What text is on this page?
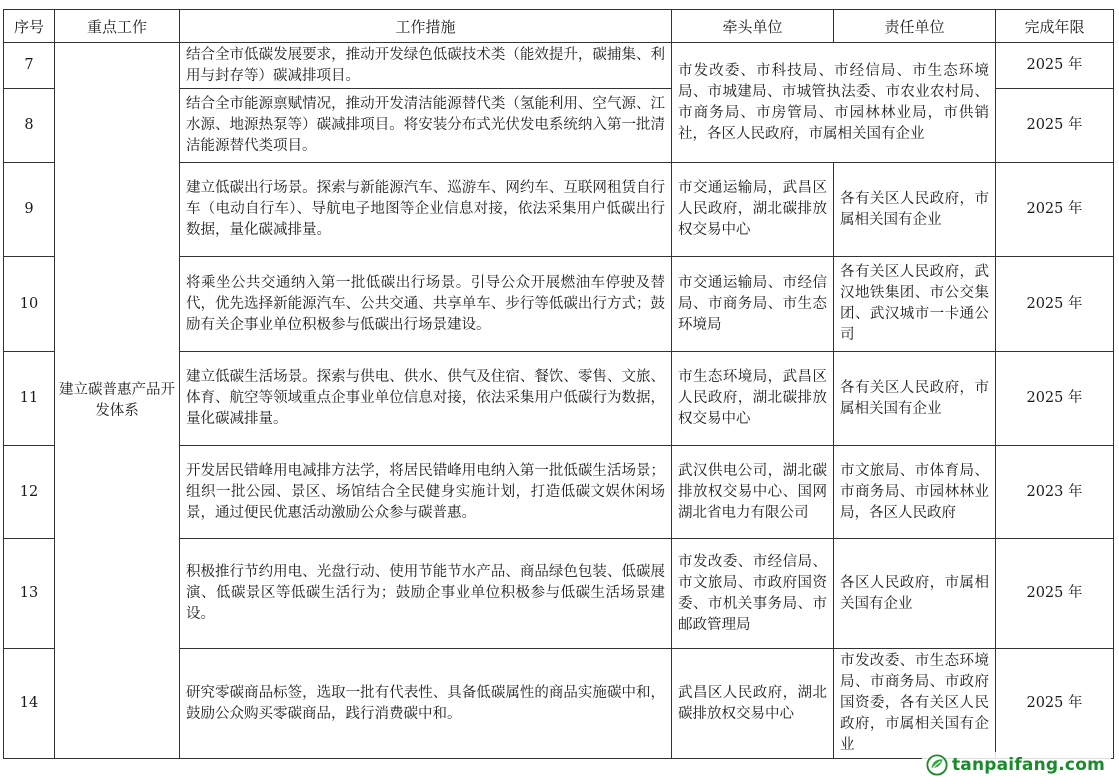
序号	重点工作	工作措施	牵头单位	责任单位	完成年限
7	建立碳普惠产品开发体系	结合全市低碳发展要求，推动开发绿色低碳技术类（能效提升，碳捕集、利用与封存等）碳减排项目。	市发改委、市科技局、市经信局、市生态环境局、市城建局、市城管执法委、市农业农村局、市商务局、市房管局、市园林林业局，市供销社，各区人民政府，市属相关国有企业		2025 年
8		结合全市能源禀赋情况，推动开发清洁能源替代类（氢能利用、空气源、江水源、地源热泵等）碳减排项目。将安装分布式光伏发电系统纳入第一批清洁能源替代类项目。			2025 年
9		建立低碳出行场景。探索与新能源汽车、巡游车、网约车、互联网租赁自行车（电动自行车）、导航电子地图等企业信息对接，依法采集用户低碳出行数据，量化碳减排量。	市交通运输局，武昌区人民政府，湖北碳排放权交易中心	各有关区人民政府，市属相关国有企业	2025 年
10		将乘坐公共交通纳入第一批低碳出行场景。引导公众开展燃油车停驶及替代，优先选择新能源汽车、公共交通、共享单车、步行等低碳出行方式；鼓励有关企事业单位积极参与低碳出行场景建设。	市交通运输局、市经信局、市商务局、市生态环境局	各有关区人民政府，武汉地铁集团、市公交集团、武汉城市一卡通公司	2025 年
11		建立低碳生活场景。探索与供电、供水、供气及住宿、餐饮、零售、文旅、体育、航空等领域重点企事业单位信息对接，依法采集用户低碳行为数据，量化碳减排量。	市生态环境局，武昌区人民政府，湖北碳排放权交易中心	各有关区人民政府，市属相关国有企业	2025 年
12		开发居民错峰用电减排方法学，将居民错峰用电纳入第一批低碳生活场景；组织一批公园、景区、场馆结合全民健身实施计划，打造低碳文娱休闲场景，通过便民优惠活动激励公众参与碳普惠。	武汉供电公司，湖北碳排放权交易中心、国网湖北省电力有限公司	市文旅局、市体育局、市商务局、市园林林业局，各区人民政府	2023 年
13		积极推行节约用电、光盘行动、使用节能节水产品、商品绿色包装、低碳展演、低碳景区等低碳生活行为；鼓励企事业单位积极参与低碳生活场景建设。	市发改委、市经信局、市文旅局、市政府国资委、市机关事务局、市邮政管理局	各区人民政府，市属相关国有企业	2025 年
14		研究零碳商品标签，选取一批有代表性、具备低碳属性的商品实施碳中和，鼓励公众购买零碳商品，践行消费碳中和。	武昌区人民政府，湖北碳排放权交易中心	市发改委、市生态环境局、市商务局、市政府国资委，各有关区人民政府，市属相关国有企业	2025 年
tanpaifang.com
